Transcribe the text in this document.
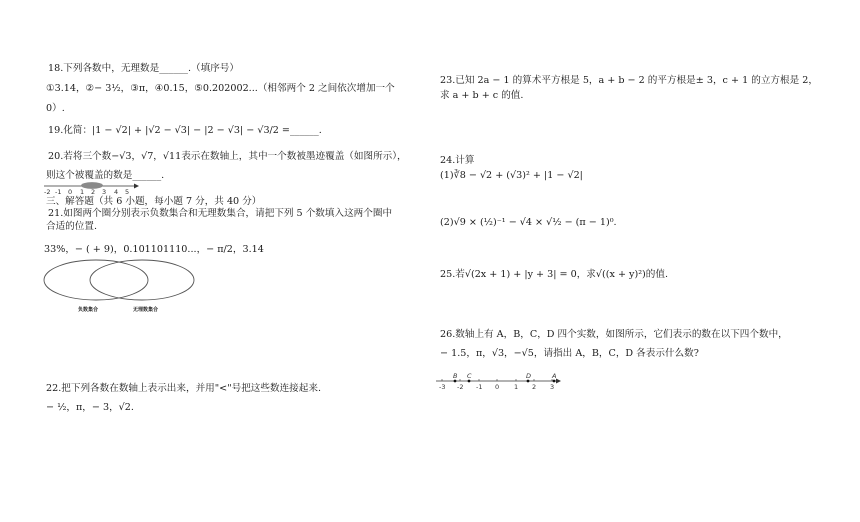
18.下列各数中，无理数是______.（填序号）
①3.14，②− 3½，③π，④0.15，⑤0.202002...（相邻两个 2 之间依次增加一个
0）.
19.化简：|1 − √2| + |√2 − √3| − |2 − √3| − √3/2 =______.
20.若将三个数−√3，√7，√11表示在数轴上，其中一个数被墨迹覆盖（如图所示），
则这个被覆盖的数是______.
-2 -1 0 1 2 3 4 5
三、解答题（共 6 小题，每小题 7 分，共 40 分）
21.如图两个圈分别表示负数集合和无理数集合，请把下列 5 个数填入这两个圈中
合适的位置.
33%，− ( + 9)，0.101101110...，− π/2，3.14
负数集合	无理数集合
22.把下列各数在数轴上表示出来，并用"<"号把这些数连接起来.
− ½，π，− 3，√2.
23.已知 2a − 1 的算术平方根是 5，a + b − 2 的平方根是± 3，c + 1 的立方根是 2，
求 a + b + c 的值.
24.计算
(1)∛8 − √2 + (√3)² + |1 − √2|
(2)√9 × (½)⁻¹ − √4 × √½ − (π − 1)⁰.
25.若√(2x + 1) + |y + 3| = 0，求√((x + y)²)的值.
26.数轴上有 A，B，C，D 四个实数，如图所示，它们表示的数在以下四个数中，
− 1.5，π，√3，−√5，请指出 A，B，C，D 各表示什么数?
B C	D	A
-3 -2 -1 0 1 2 3
